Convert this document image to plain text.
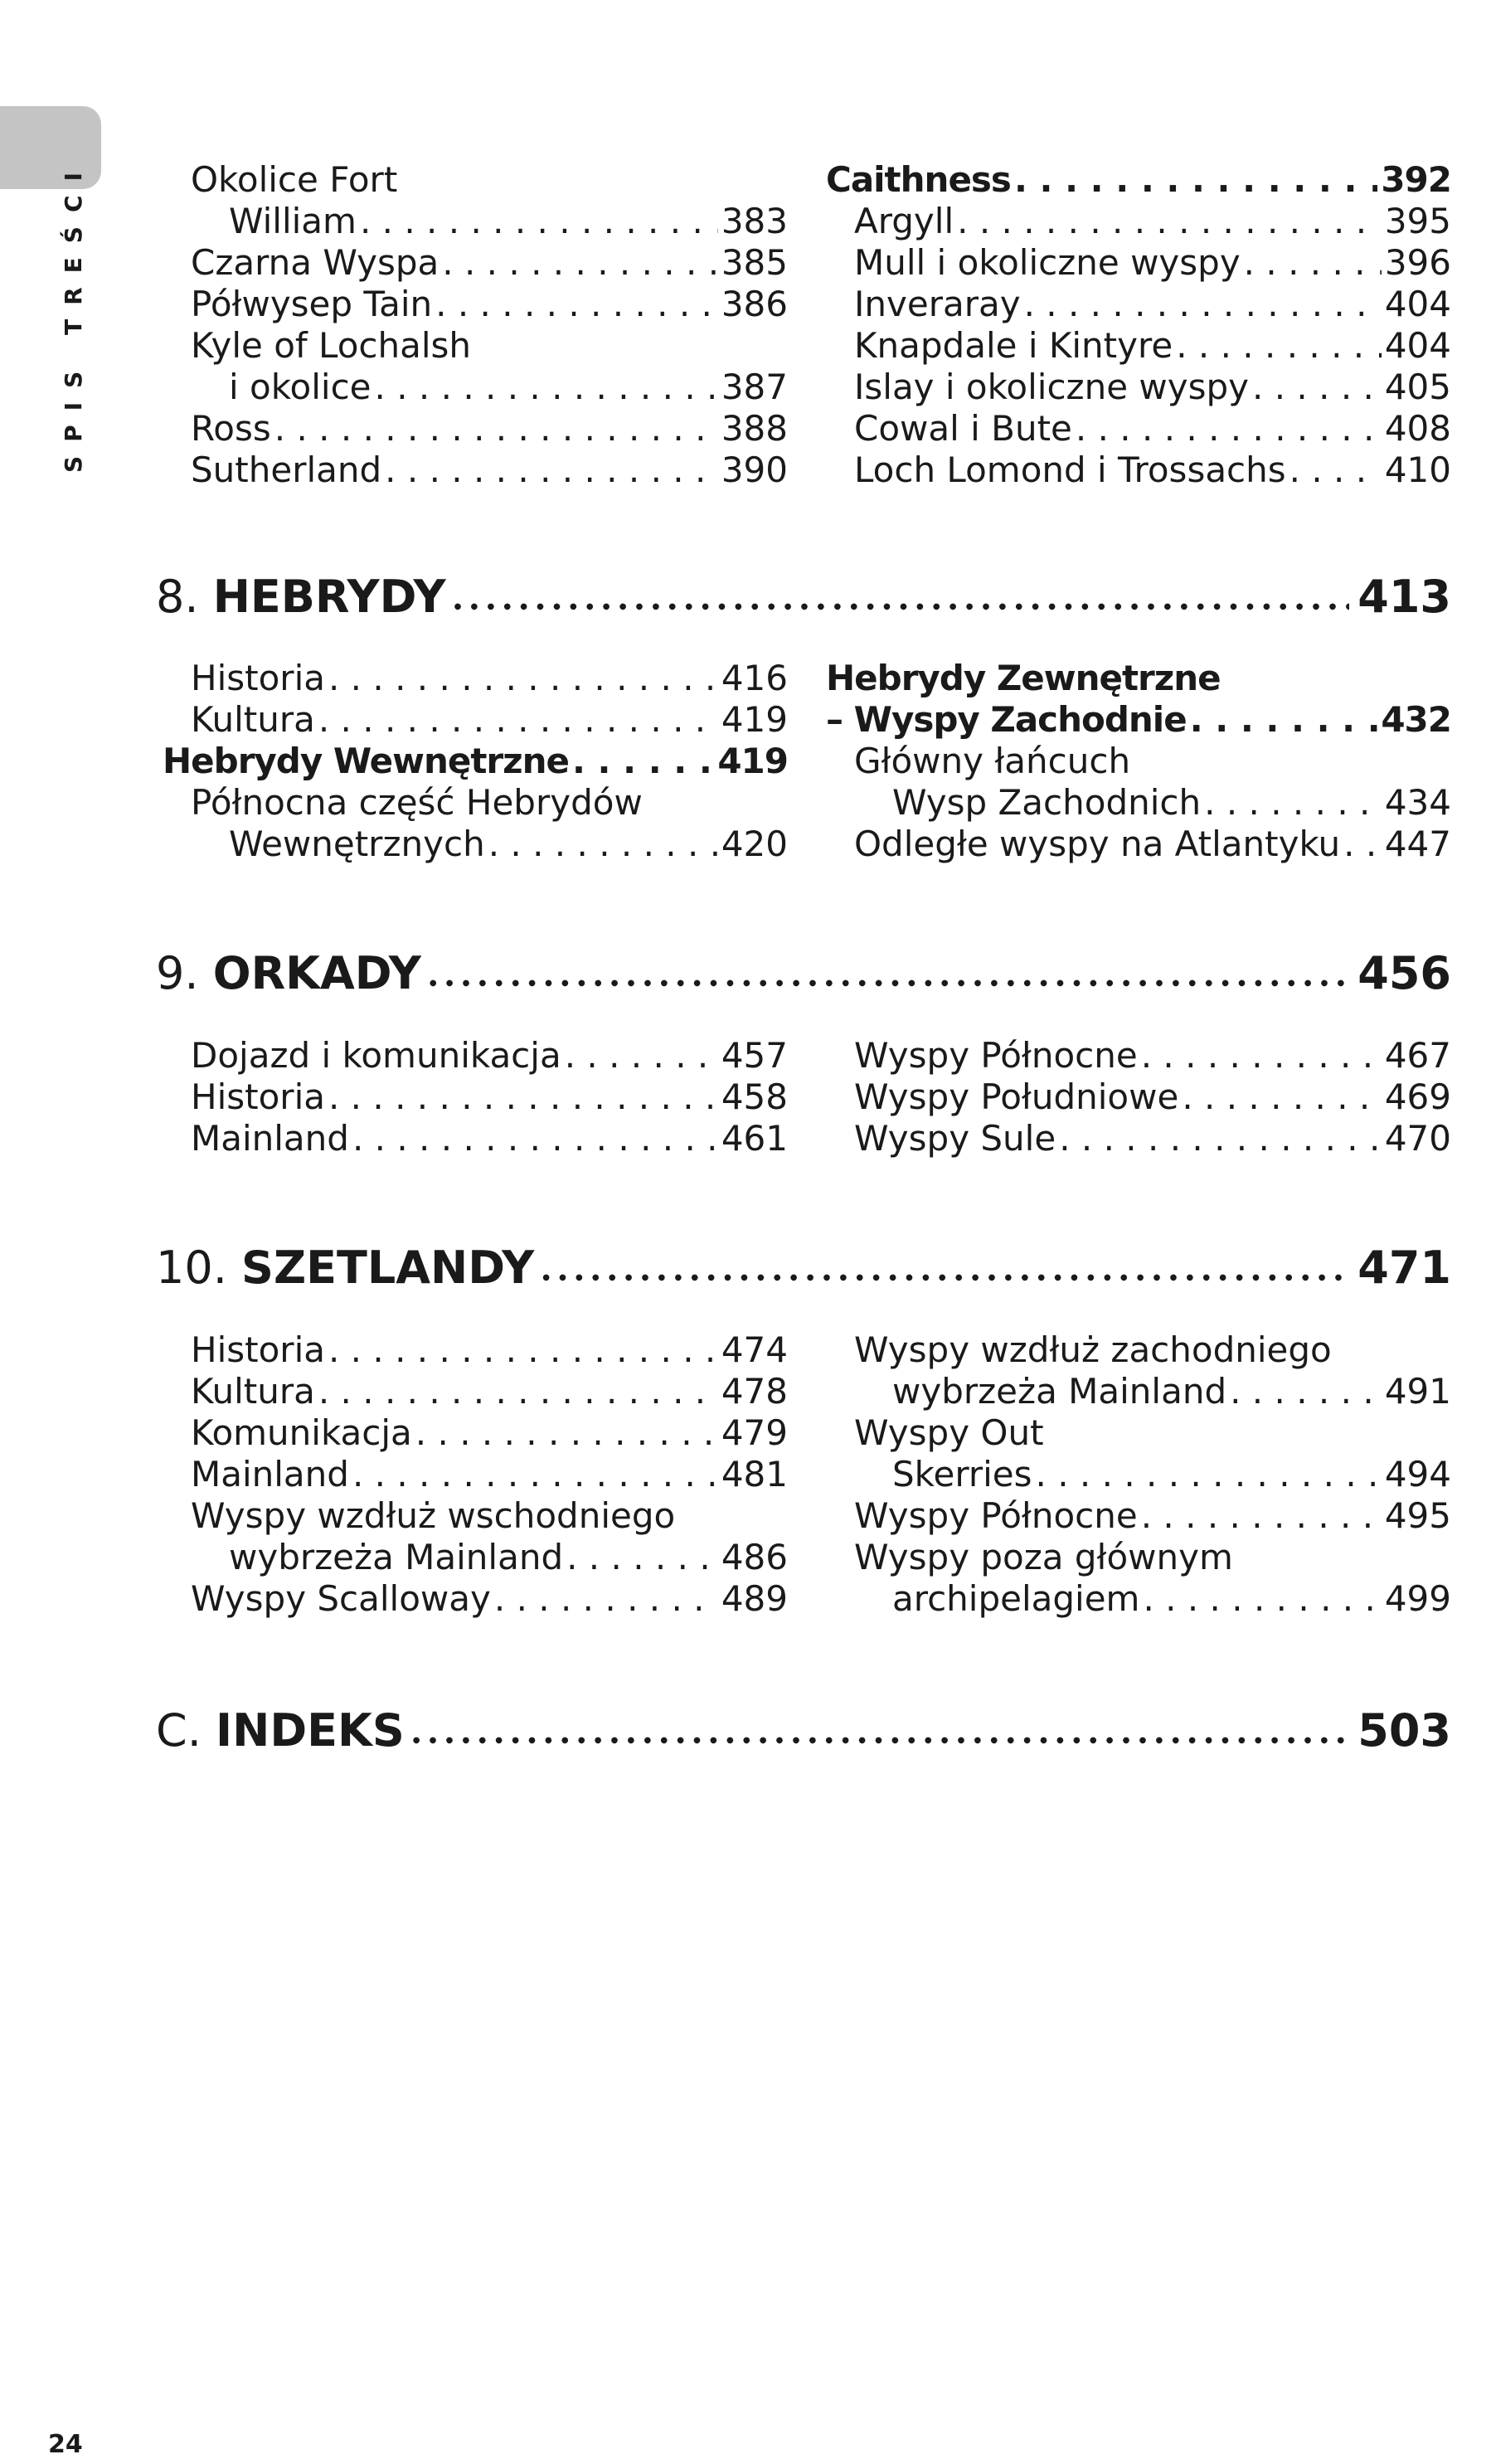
SPIS TREŚCI	Okolice Fort
William . . .	383
Czarna Wyspa . . .	385
Półwysep Tain . . .	386
Kyle of Lochalsh
i okolice . . .	387
Ross . . .	388
Sutherland . . .	390
Caithness . . .	392
Argyll . . .	395
Mull i okoliczne wyspy . . .	396
Inveraray . . .	404
Knapdale i Kintyre . . .	404
Islay i okoliczne wyspy . . .	405
Cowal i Bute . . .	408
Loch Lomond i Trossachs . . .	410
8. HEBRYDY ● ● ● ● ● ● ● ● ● ● ● ● ● ● ● ● ● ● ● ● ● ● ● ● ● ● ● ● ● ● ● ● ● ● ● ● ● ● ● ● ● ● ● ● ● ● ● ● ● ● ● ● ● ● ● ● ● ● ● ●	413
Historia . . .	416
Kultura . . .	419
Hebrydy Wewnętrzne . . .	419
Północna część Hebrydów
Wewnętrznych . . .	420
Hebrydy Zewnętrzne
– Wyspy Zachodnie . . .	432
Główny łańcuch
Wysp Zachodnich . . .	434
Odległe wyspy na Atlantyku . . . 447
9. ORKADY ● ● ● ● ● ● ● ● ● ● ● ● ● ● ● ● ● ● ● ● ● ● ● ● ● ● ● ● ● ● ● ● ● ● ● ● ● ● ● ● ● ● ● ● ● ● ● ● ● ● ● ● ● ● ● ● ● ● ● ●	456
Dojazd i komunikacja . . .	457
Historia . . .	458
Mainland . . .	461
Wyspy Północne . . .	467
Wyspy Południowe . . .	469
Wyspy Sule . . .	470
10. SZETLANDY ● ● ● ● ● ● ● ● ● ● ● ● ● ● ● ● ● ● ● ● ● ● ● ● ● ● ● ● ● ● ● ● ● ● ● ● ● ● ● ● ● ● ● ● ● ● ● ● ● ● ● ● ● ● ● ● ● ● ● ●	471
Historia . . .	474
Kultura . . .	478
Komunikacja . . .	479
Mainland . . .	481
Wyspy wzdłuż wschodniego
wybrzeża Mainland . . .	486
Wyspy Scalloway . . .	489
Wyspy wzdłuż zachodniego
wybrzeża Mainland . . .	491
Wyspy Out
Skerries . . .	494
Wyspy Północne . . .	495
Wyspy poza głównym
archipelagiem . . .	499
C. INDEKS ● ● ● ● ● ● ● ● ● ● ● ● ● ● ● ● ● ● ● ● ● ● ● ● ● ● ● ● ● ● ● ● ● ● ● ● ● ● ● ● ● ● ● ● ● ● ● ● ● ● ● ● ● ● ● ● ● ● ● ●	503
24
